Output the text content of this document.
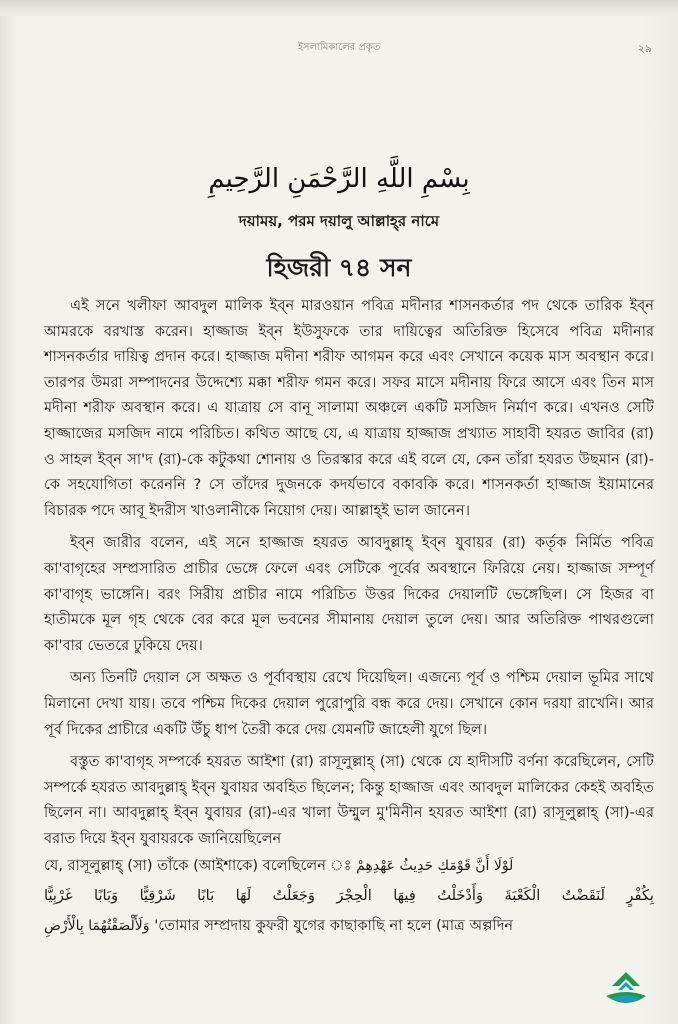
ইসলামিকালের প্রকৃত	২৯
بِسْمِ اللَّهِ الرَّحْمَنِ الرَّحِيمِ
দয়াময়, পরম দয়ালু আল্লাহ্‌র নামে
হিজরী ৭৪ সন

এই সনে খলীফা আবদুল মালিক ইব্‌ন মারওয়ান পবিত্র মদীনার শাসনকর্তার পদ থেকে তারিক ইব্‌ন আমরকে বরখাস্ত করেন। হাজ্জাজ ইব্‌ন ইউসুফকে তার দায়িত্বের অতিরিক্ত হিসেবে পবিত্র মদীনার শাসনকর্তার দায়িত্ব প্রদান করে। হাজ্জাজ মদীনা শরীফ আগমন করে এবং সেখানে কয়েক মাস অবস্থান করে। তারপর উমরা সম্পাদনের উদ্দেশ্যে মক্কা শরীফ গমন করে। সফর মাসে মদীনায় ফিরে আসে এবং তিন মাস মদীনা শরীফ অবস্থান করে। এ যাত্রায় সে বানূ সালামা অঞ্চলে একটি মসজিদ নির্মাণ করে। এখনও সেটি হাজ্জাজের মসজিদ নামে পরিচিত। কথিত আছে যে, এ যাত্রায় হাজ্জাজ প্রখ্যাত সাহাবী হযরত জাবির (রা) ও সাহল ইব্‌ন সা'দ (রা)-কে কটুকথা শোনায় ও তিরস্কার করে এই বলে যে, কেন তাঁরা হযরত উছমান (রা)-কে সহযোগিতা করেননি ? সে তাঁদের দুজনকে কদর্যভাবে বকাবকি করে। শাসনকর্তা হাজ্জাজ ইয়ামানের বিচারক পদে আবূ ইদরীস খাওলানীকে নিয়োগ দেয়। আল্লাহ্‌ই ভাল জানেন।

ইব্‌ন জারীর বলেন, এই সনে হাজ্জাজ হযরত আবদুল্লাহ্‌ ইব্‌ন যুবায়র (রা) কর্তৃক নির্মিত পবিত্র কা'বাগৃহের সম্প্রসারিত প্রাচীর ভেঙ্গে ফেলে এবং সেটিকে পূর্বের অবস্থানে ফিরিয়ে নেয়। হাজ্জাজ সম্পূর্ণ কা'বাগৃহ ভাঙ্গেনি। বরং সিরীয় প্রাচীর নামে পরিচিত উত্তর দিকের দেয়ালটি ভেঙ্গেছিল। সে হিজর বা হাতীমকে মূল গৃহ থেকে বের করে মূল ভবনের সীমানায় দেয়াল তুলে দেয়। আর অতিরিক্ত পাথরগুলো কা'বার ভেতরে ঢুকিয়ে দেয়।

অন্য তিনটি দেয়াল সে অক্ষত ও পূর্বাবস্থায় রেখে দিয়েছিল। এজন্যে পূর্ব ও পশ্চিম দেয়াল ভূমির সাথে মিলানো দেখা যায়। তবে পশ্চিম দিকের দেয়াল পুরোপুরি বন্ধ করে দেয়। সেখানে কোন দরযা রাখেনি। আর পূর্ব দিকের প্রাচীরে একটি উঁচু ধাপ তৈরী করে দেয় যেমনটি জাহেলী যুগে ছিল।

বস্তুত কা'বাগৃহ সম্পর্কে হযরত আইশা (রা) রাসূলুল্লাহ্‌ (সা) থেকে যে হাদীসটি বর্ণনা করেছিলেন, সেটি সম্পর্কে হযরত আবদুল্লাহ্‌ ইব্‌ন যুবায়র অবহিত ছিলেন; কিন্তু হাজ্জাজ এবং আবদুল মালিকের কেহই অবহিত ছিলেন না। আবদুল্লাহ্‌ ইব্‌ন যুবায়র (রা)-এর খালা উম্মুল মু'মিনীন হযরত আইশা (রা) রাসূলুল্লাহ্‌ (সা)-এর বরাত দিয়ে ইব্‌ন যুবায়রকে জানিয়েছিলেন

যে, রাসূলুল্লাহ্‌ (সা) তাঁকে (আইশাকে) বলেছিলেন ঃ لَوْلَا أَنَّ قَوْمَكِ حَدِيثُ عَهْدِهِمْ
بِكُفْرٍ لَنَقَضْتُ الْكَعْبَةَ وَأَدْخَلْتُ فِيهَا الْحِجْرَ وَجَعَلْتُ لَهَا بَابًا شَرْقِيًّا وَبَابًا غَرْبِيًّا
وَلَأَلْصَقْتُهُمَا بِالْأَرْضِ 'তোমার সম্প্রদায় কুফরী যুগের কাছাকাছি না হলে (মাত্র অল্পদিন
